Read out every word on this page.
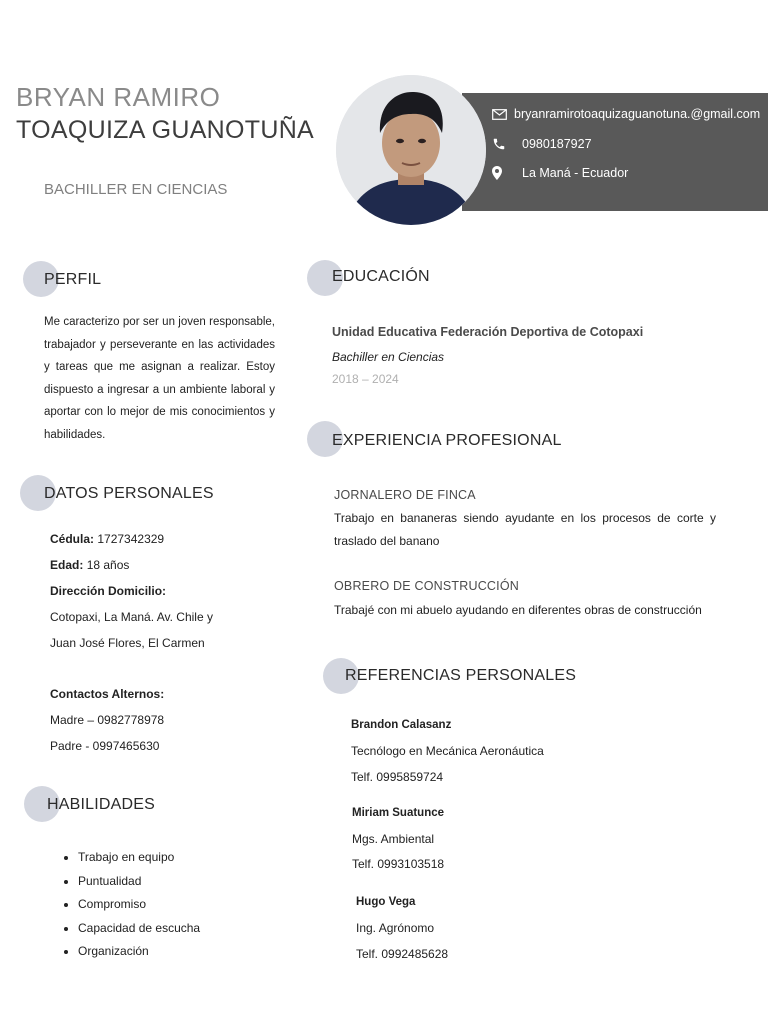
BRYAN RAMIRO
TOAQUIZA GUANOTUÑA
BACHILLER EN CIENCIAS
bryanramirotoaquizaguanotuna.@gmail.com
0980187927
La Maná - Ecuador
PERFIL
Me caracterizo por ser un joven responsable,
trabajador y perseverante en las actividades
y tareas que me asignan a realizar. Estoy
dispuesto a ingresar a un ambiente laboral y
aportar con lo mejor de mis conocimientos y
habilidades.
DATOS PERSONALES
Cédula: 1727342329
Edad: 18 años
Dirección Domicilio:
Cotopaxi, La Maná. Av. Chile y
Juan José Flores, El Carmen
Contactos Alternos:
Madre – 0982778978
Padre - 0997465630
HABILIDADES
• Trabajo en equipo
• Puntualidad
• Compromiso
• Capacidad de escucha
• Organización
EDUCACIÓN
Unidad Educativa Federación Deportiva de Cotopaxi
Bachiller en Ciencias
2018 – 2024
EXPERIENCIA PROFESIONAL
JORNALERO DE FINCA
Trabajo en bananeras siendo ayudante en los procesos de corte y
traslado del banano
OBRERO DE CONSTRUCCIÓN
Trabajé con mi abuelo ayudando en diferentes obras de construcción
REFERENCIAS PERSONALES
Brandon Calasanz
Tecnólogo en Mecánica Aeronáutica
Telf. 0995859724
Miriam Suatunce
Mgs. Ambiental
Telf. 0993103518
Hugo Vega
Ing. Agrónomo
Telf. 0992485628
